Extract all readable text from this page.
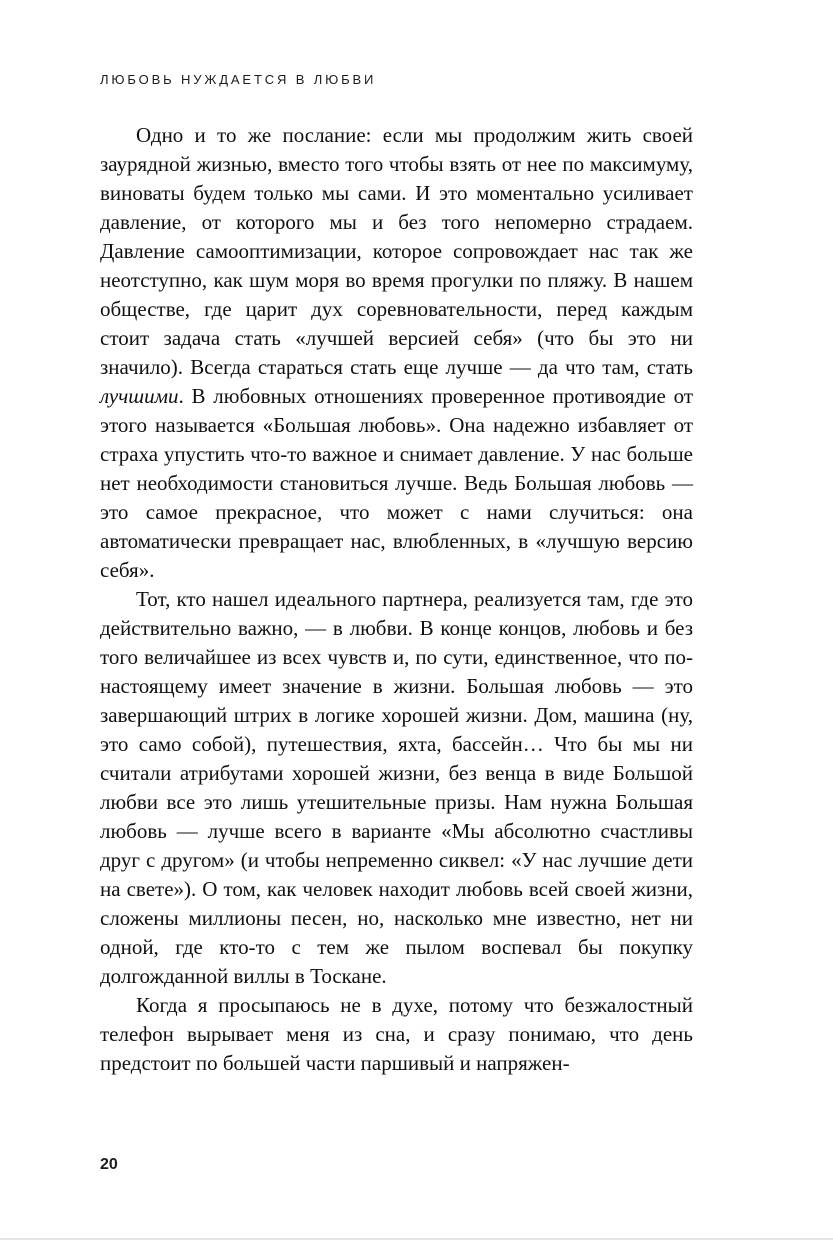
ЛЮБОВЬ НУЖДАЕТСЯ В ЛЮБВИ

Одно и то же послание: если мы продолжим жить своей заурядной жизнью, вместо того чтобы взять от нее по максимуму, виноваты будем только мы сами. И это моментально усиливает давление, от которого мы и без того непомерно страдаем. Давление самооптимизации, которое сопровождает нас так же неотступно, как шум моря во время прогулки по пляжу. В нашем обществе, где царит дух соревновательности, перед каждым стоит задача стать «лучшей версией себя» (что бы это ни значило). Всегда стараться стать еще лучше — да что там, стать лучшими. В любовных отношениях проверенное противоядие от этого называется «Большая любовь». Она надежно избавляет от страха упустить что-то важное и снимает давление. У нас больше нет необходимости становиться лучше. Ведь Большая любовь — это самое прекрасное, что может с нами случиться: она автоматически превращает нас, влюбленных, в «лучшую версию себя».

Тот, кто нашел идеального партнера, реализуется там, где это действительно важно, — в любви. В конце концов, любовь и без того величайшее из всех чувств и, по сути, единственное, что по-настоящему имеет значение в жизни. Большая любовь — это завершающий штрих в логике хорошей жизни. Дом, машина (ну, это само собой), путешествия, яхта, бассейн… Что бы мы ни считали атрибутами хорошей жизни, без венца в виде Большой любви все это лишь утешительные призы. Нам нужна Большая любовь — лучше всего в варианте «Мы абсолютно счастливы друг с другом» (и чтобы непременно сиквел: «У нас лучшие дети на свете»). О том, как человек находит любовь всей своей жизни, сложены миллионы песен, но, насколько мне известно, нет ни одной, где кто-то с тем же пылом воспевал бы покупку долгожданной виллы в Тоскане.

Когда я просыпаюсь не в духе, потому что безжалостный телефон вырывает меня из сна, и сразу понимаю, что день предстоит по большей части паршивый и напряжен-

20
